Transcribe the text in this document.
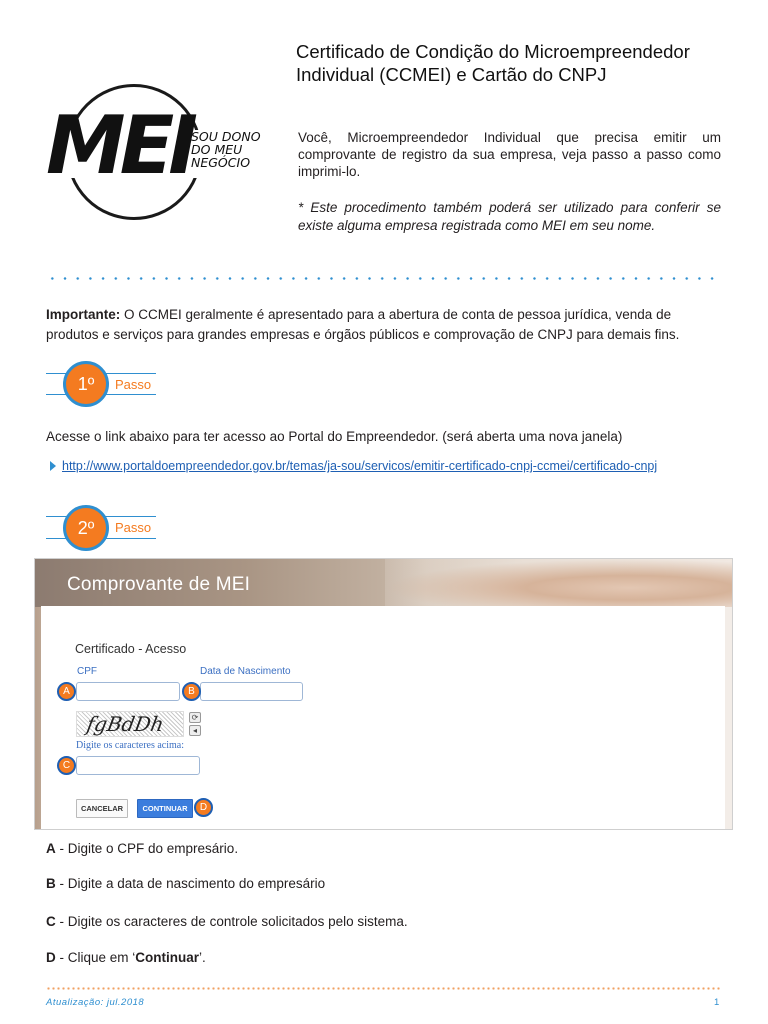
MEI
SOU DONO
DO MEU
NEGÓCIO
Certificado de Condição do Microempreendedor
Individual (CCMEI) e Cartão do CNPJ

Você, Microempreendedor Individual que precisa emitir um comprovante de registro da sua empresa, veja passo a passo como imprimi-lo.

* Este procedimento também poderá ser utilizado para conferir se existe alguma empresa registrada como MEI em seu nome.

Importante: O CCMEI geralmente é apresentado para a abertura de conta de pessoa jurídica, venda de produtos e serviços para grandes empresas e órgãos públicos e comprovação de CNPJ para demais fins.

1º	Passo

Acesse o link abaixo para ter acesso ao Portal do Empreendedor. (será aberta uma nova janela)

http://www.portaldoempreendedor.gov.br/temas/ja-sou/servicos/emitir-certificado-cnpj-ccmei/certificado-cnpj
2º	Passo
Comprovante de MEI
Certificado - Acesso
CPF	Data de Nascimento
A	B
fgBdDh	⟳
◂
Digite os caracteres acima:
C
CANCELAR	CONTINUAR	D

A - Digite o CPF do empresário.

B - Digite a data de nascimento do empresário

C - Digite os caracteres de controle solicitados pelo sistema.

D - Clique em ‘Continuar’.

Atualização: jul.2018	1
